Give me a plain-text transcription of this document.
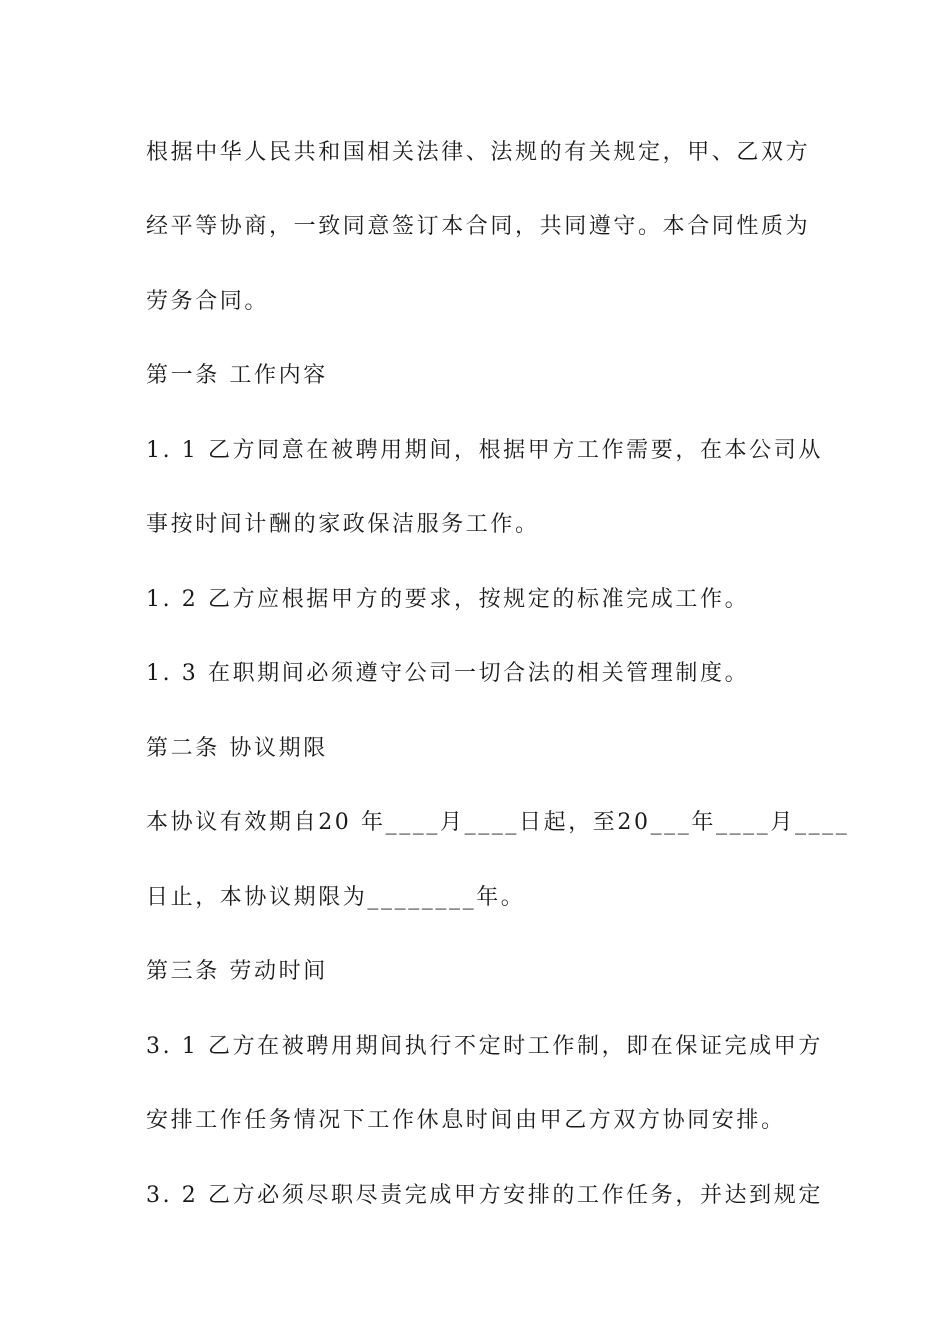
根据中华人民共和国相关法律、法规的有关规定，甲、乙双方
经平等协商，一致同意签订本合同，共同遵守。本合同性质为
劳务合同。
第一条 工作内容
1. 1 乙方同意在被聘用期间，根据甲方工作需要，在本公司从
事按时间计酬的家政保洁服务工作。
1. 2 乙方应根据甲方的要求，按规定的标准完成工作。
1. 3 在职期间必须遵守公司一切合法的相关管理制度。
第二条 协议期限
本协议有效期自20 年____月____日起，至20___年____月____
日止，本协议期限为________年。
第三条 劳动时间
3. 1 乙方在被聘用期间执行不定时工作制，即在保证完成甲方
安排工作任务情况下工作休息时间由甲乙方双方协同安排。
3. 2 乙方必须尽职尽责完成甲方安排的工作任务，并达到规定
